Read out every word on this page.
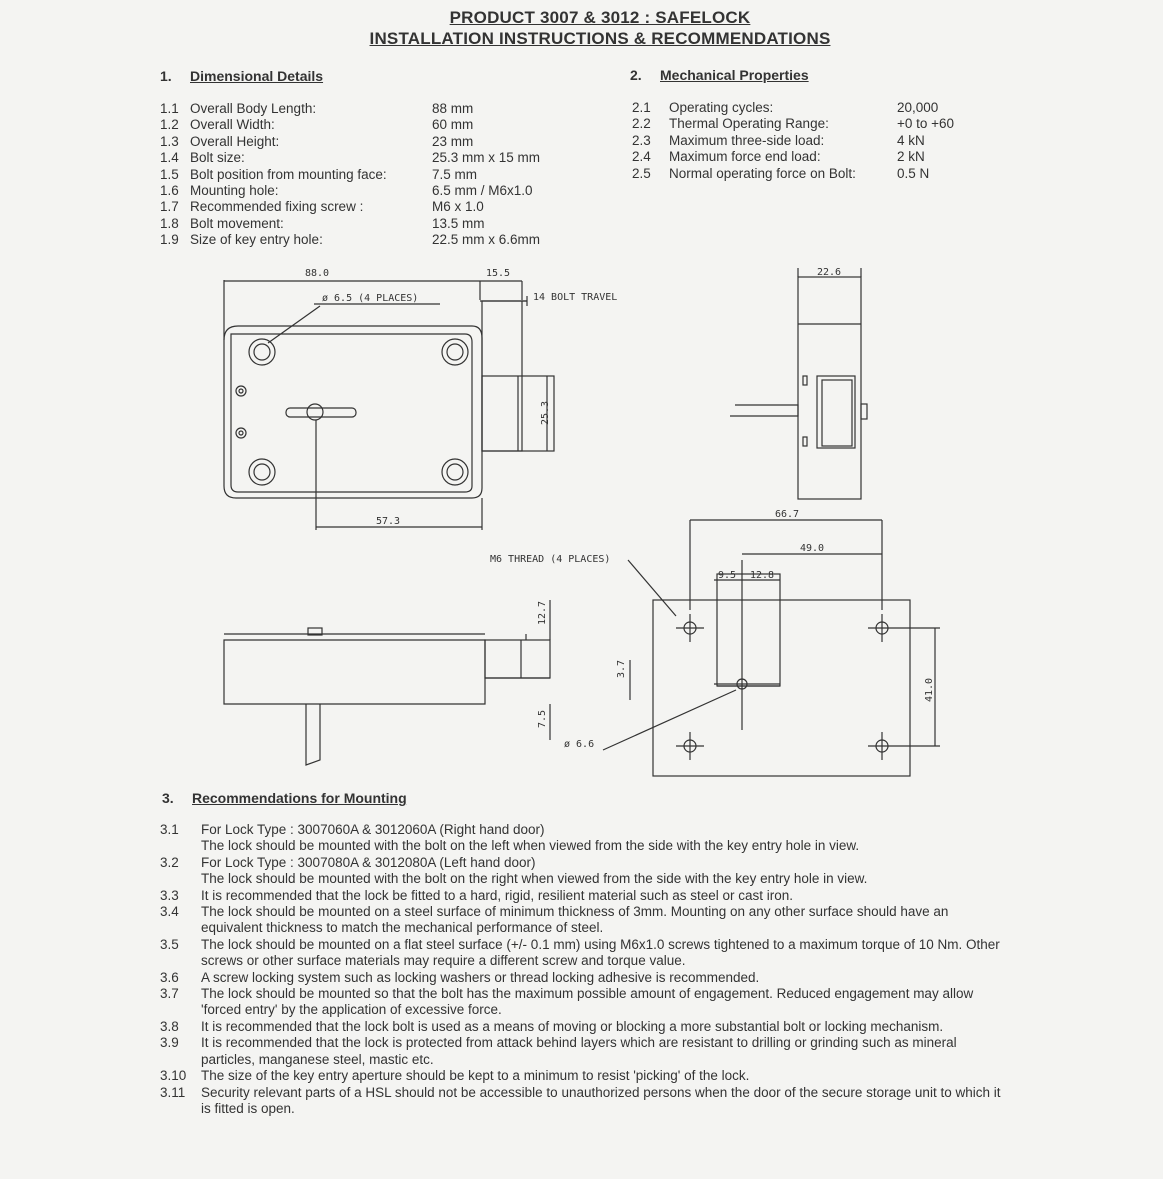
PRODUCT 3007 & 3012 : SAFELOCK
INSTALLATION INSTRUCTIONS & RECOMMENDATIONS
1. Dimensional Details	2. Mechanical Properties
1.1 Overall Body Length:	88 mm
1.2 Overall Width:	60 mm
1.3 Overall Height:	23 mm
1.4 Bolt size:	25.3 mm x 15 mm
1.5 Bolt position from mounting face:	7.5 mm
1.6 Mounting hole:	6.5 mm / M6x1.0
1.7 Recommended fixing screw :	M6 x 1.0
1.8 Bolt movement:	13.5 mm
1.9 Size of key entry hole:	22.5 mm x 6.6mm
2.1	Operating cycles:	20,000
2.2	Thermal Operating Range:	+0 to +60
2.3	Maximum three-side load:	4 kN
2.4	Maximum force end load:	2 kN
2.5	Normal operating force on Bolt:	0.5 N
88.0	15.5
ø 6.5 (4 PLACES)	14 BOLT TRAVEL
25.3
57.3
22.6
66.7
49.0
9.5 12.8
M6 THREAD (4 PLACES)
12.7
3.7
7.5
ø 6.6
41.0
3. Recommendations for Mounting
3.1	For Lock Type : 3007060A & 3012060A (Right hand door)
The lock should be mounted with the bolt on the left when viewed from the side with the key entry hole in view.
3.2	For Lock Type : 3007080A & 3012080A (Left hand door)
The lock should be mounted with the bolt on the right when viewed from the side with the key entry hole in view.
3.3	It is recommended that the lock be fitted to a hard, rigid, resilient material such as steel or cast iron.
3.4	The lock should be mounted on a steel surface of minimum thickness of 3mm. Mounting on any other surface should have an
equivalent thickness to match the mechanical performance of steel.
3.5	The lock should be mounted on a flat steel surface (+/- 0.1 mm) using M6x1.0 screws tightened to a maximum torque of 10 Nm. Other
screws or other surface materials may require a different screw and torque value.
3.6	A screw locking system such as locking washers or thread locking adhesive is recommended.
3.7	The lock should be mounted so that the bolt has the maximum possible amount of engagement. Reduced engagement may allow
'forced entry' by the application of excessive force.
3.8	It is recommended that the lock bolt is used as a means of moving or blocking a more substantial bolt or locking mechanism.
3.9	It is recommended that the lock is protected from attack behind layers which are resistant to drilling or grinding such as mineral
particles, manganese steel, mastic etc.
3.10	The size of the key entry aperture should be kept to a minimum to resist 'picking' of the lock.
3.11	Security relevant parts of a HSL should not be accessible to unauthorized persons when the door of the secure storage unit to which it
is fitted is open.
